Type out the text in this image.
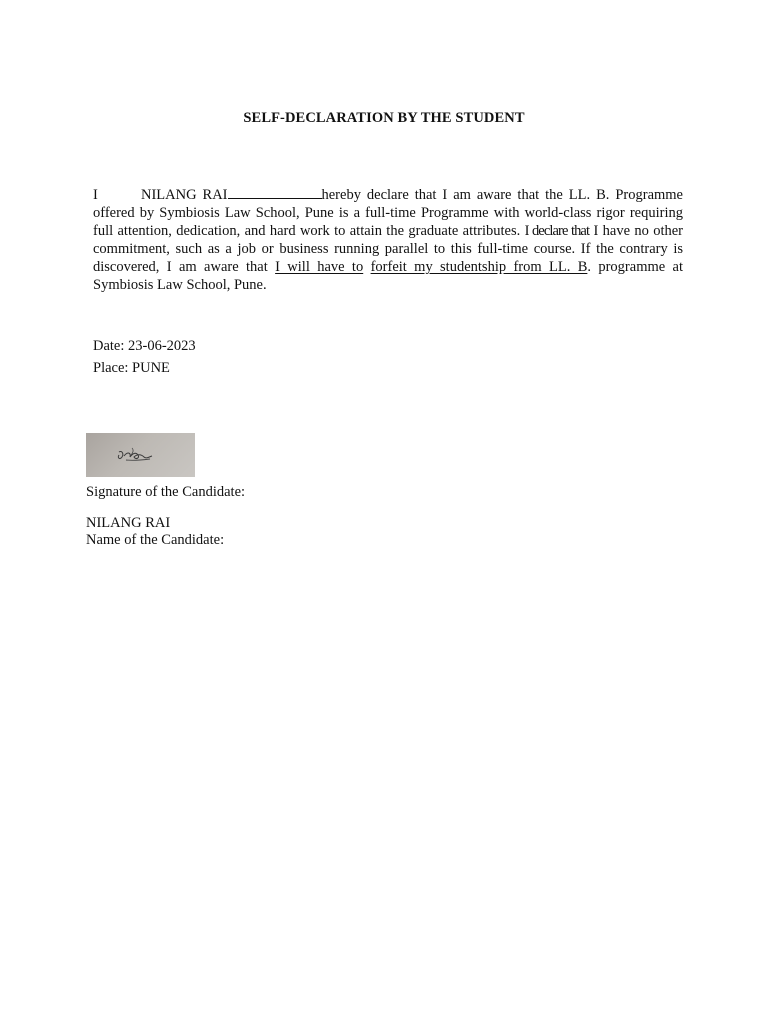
SELF-DECLARATION BY THE STUDENT
I	NILANG RAI	hereby declare that I am aware that the LL. B. Programme offered by Symbiosis Law School, Pune is a full-time Programme with world-class rigor requiring full attention, dedication, and hard work to attain the graduate attributes. I declare that I have no other commitment, such as a job or business running parallel to this full-time course. If the contrary is discovered, I am aware that I will have to forfeit my studentship from LL. B. programme at Symbiosis Law School, Pune.
Date: 23-06-2023
Place: PUNE
Signature of the Candidate:
NILANG RAI
Name of the Candidate:
